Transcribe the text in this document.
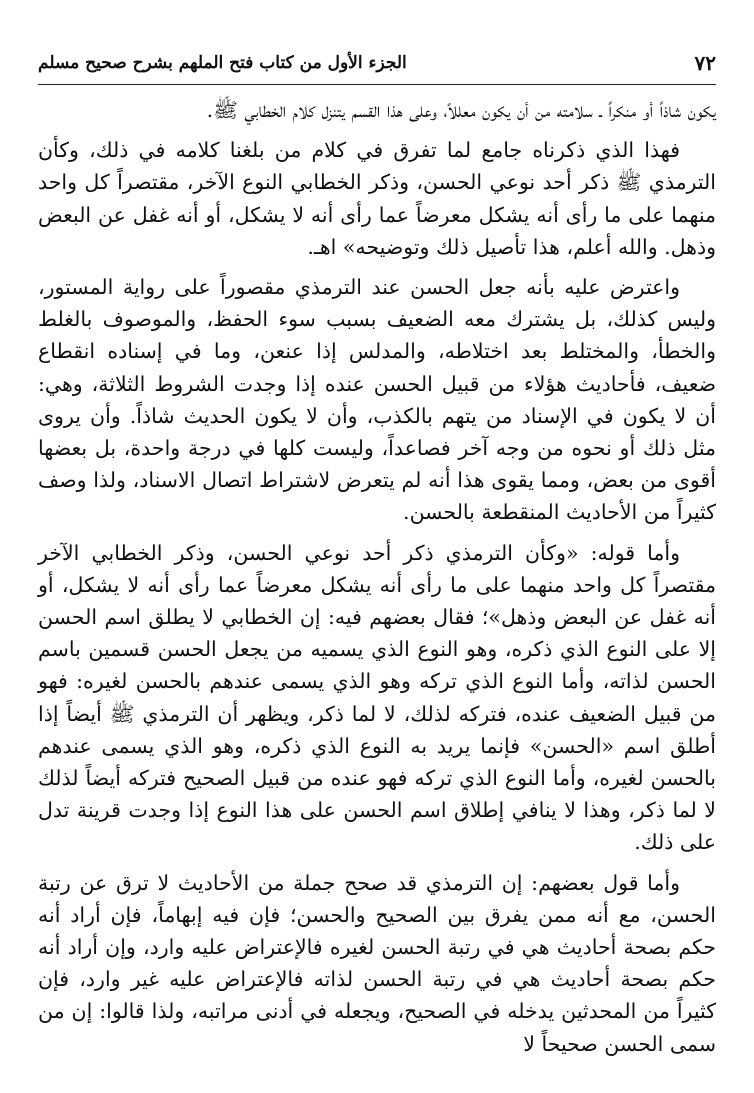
٧٢
الجزء الأول من كتاب فتح الملهم بشرح صحيح مسلم

يكون شاذاً أو منكراً ـ سلامته من أن يكون معللاً، وعلى هذا القسم يتنزل كلام الخطابي ﷺ.

فهذا الذي ذكرناه جامع لما تفرق في كلام من بلغنا كلامه في ذلك، وكأن الترمذي ﷺ ذكر أحد نوعي الحسن، وذكر الخطابي النوع الآخر، مقتصراً كل واحد منهما على ما رأى أنه يشكل معرضاً عما رأى أنه لا يشكل، أو أنه غفل عن البعض وذهل. والله أعلم، هذا تأصيل ذلك وتوضيحه» اهـ.

واعترض عليه بأنه جعل الحسن عند الترمذي مقصوراً على رواية المستور، وليس كذلك، بل يشترك معه الضعيف بسبب سوء الحفظ، والموصوف بالغلط والخطأ، والمختلط بعد اختلاطه، والمدلس إذا عنعن، وما في إسناده انقطاع ضعيف، فأحاديث هؤلاء من قبيل الحسن عنده إذا وجدت الشروط الثلاثة، وهي: أن لا يكون في الإسناد من يتهم بالكذب، وأن لا يكون الحديث شاذاً. وأن يروى مثل ذلك أو نحوه من وجه آخر فصاعداً، وليست كلها في درجة واحدة، بل بعضها أقوى من بعض، ومما يقوى هذا أنه لم يتعرض لاشتراط اتصال الاسناد، ولذا وصف كثيراً من الأحاديث المنقطعة بالحسن.

وأما قوله: «وكأن الترمذي ذكر أحد نوعي الحسن، وذكر الخطابي الآخر مقتصراً كل واحد منهما على ما رأى أنه يشكل معرضاً عما رأى أنه لا يشكل، أو أنه غفل عن البعض وذهل»؛ فقال بعضهم فيه: إن الخطابي لا يطلق اسم الحسن إلا على النوع الذي ذكره، وهو النوع الذي يسميه من يجعل الحسن قسمين باسم الحسن لذاته، وأما النوع الذي تركه وهو الذي يسمى عندهم بالحسن لغيره: فهو من قبيل الضعيف عنده، فتركه لذلك، لا لما ذكر، ويظهر أن الترمذي ﷺ أيضاً إذا أطلق اسم «الحسن» فإنما يريد به النوع الذي ذكره، وهو الذي يسمى عندهم بالحسن لغيره، وأما النوع الذي تركه فهو عنده من قبيل الصحيح فتركه أيضاً لذلك لا لما ذكر، وهذا لا ينافي إطلاق اسم الحسن على هذا النوع إذا وجدت قرينة تدل على ذلك.

وأما قول بعضهم: إن الترمذي قد صحح جملة من الأحاديث لا ترق عن رتبة الحسن، مع أنه ممن يفرق بين الصحيح والحسن؛ فإن فيه إبهاماً، فإن أراد أنه حكم بصحة أحاديث هي في رتبة الحسن لغيره فالإعتراض عليه وارد، وإن أراد أنه حكم بصحة أحاديث هي في رتبة الحسن لذاته فالإعتراض عليه غير وارد، فإن كثيراً من المحدثين يدخله في الصحيح، ويجعله في أدنى مراتبه، ولذا قالوا: إن من سمى الحسن صحيحاً لا
